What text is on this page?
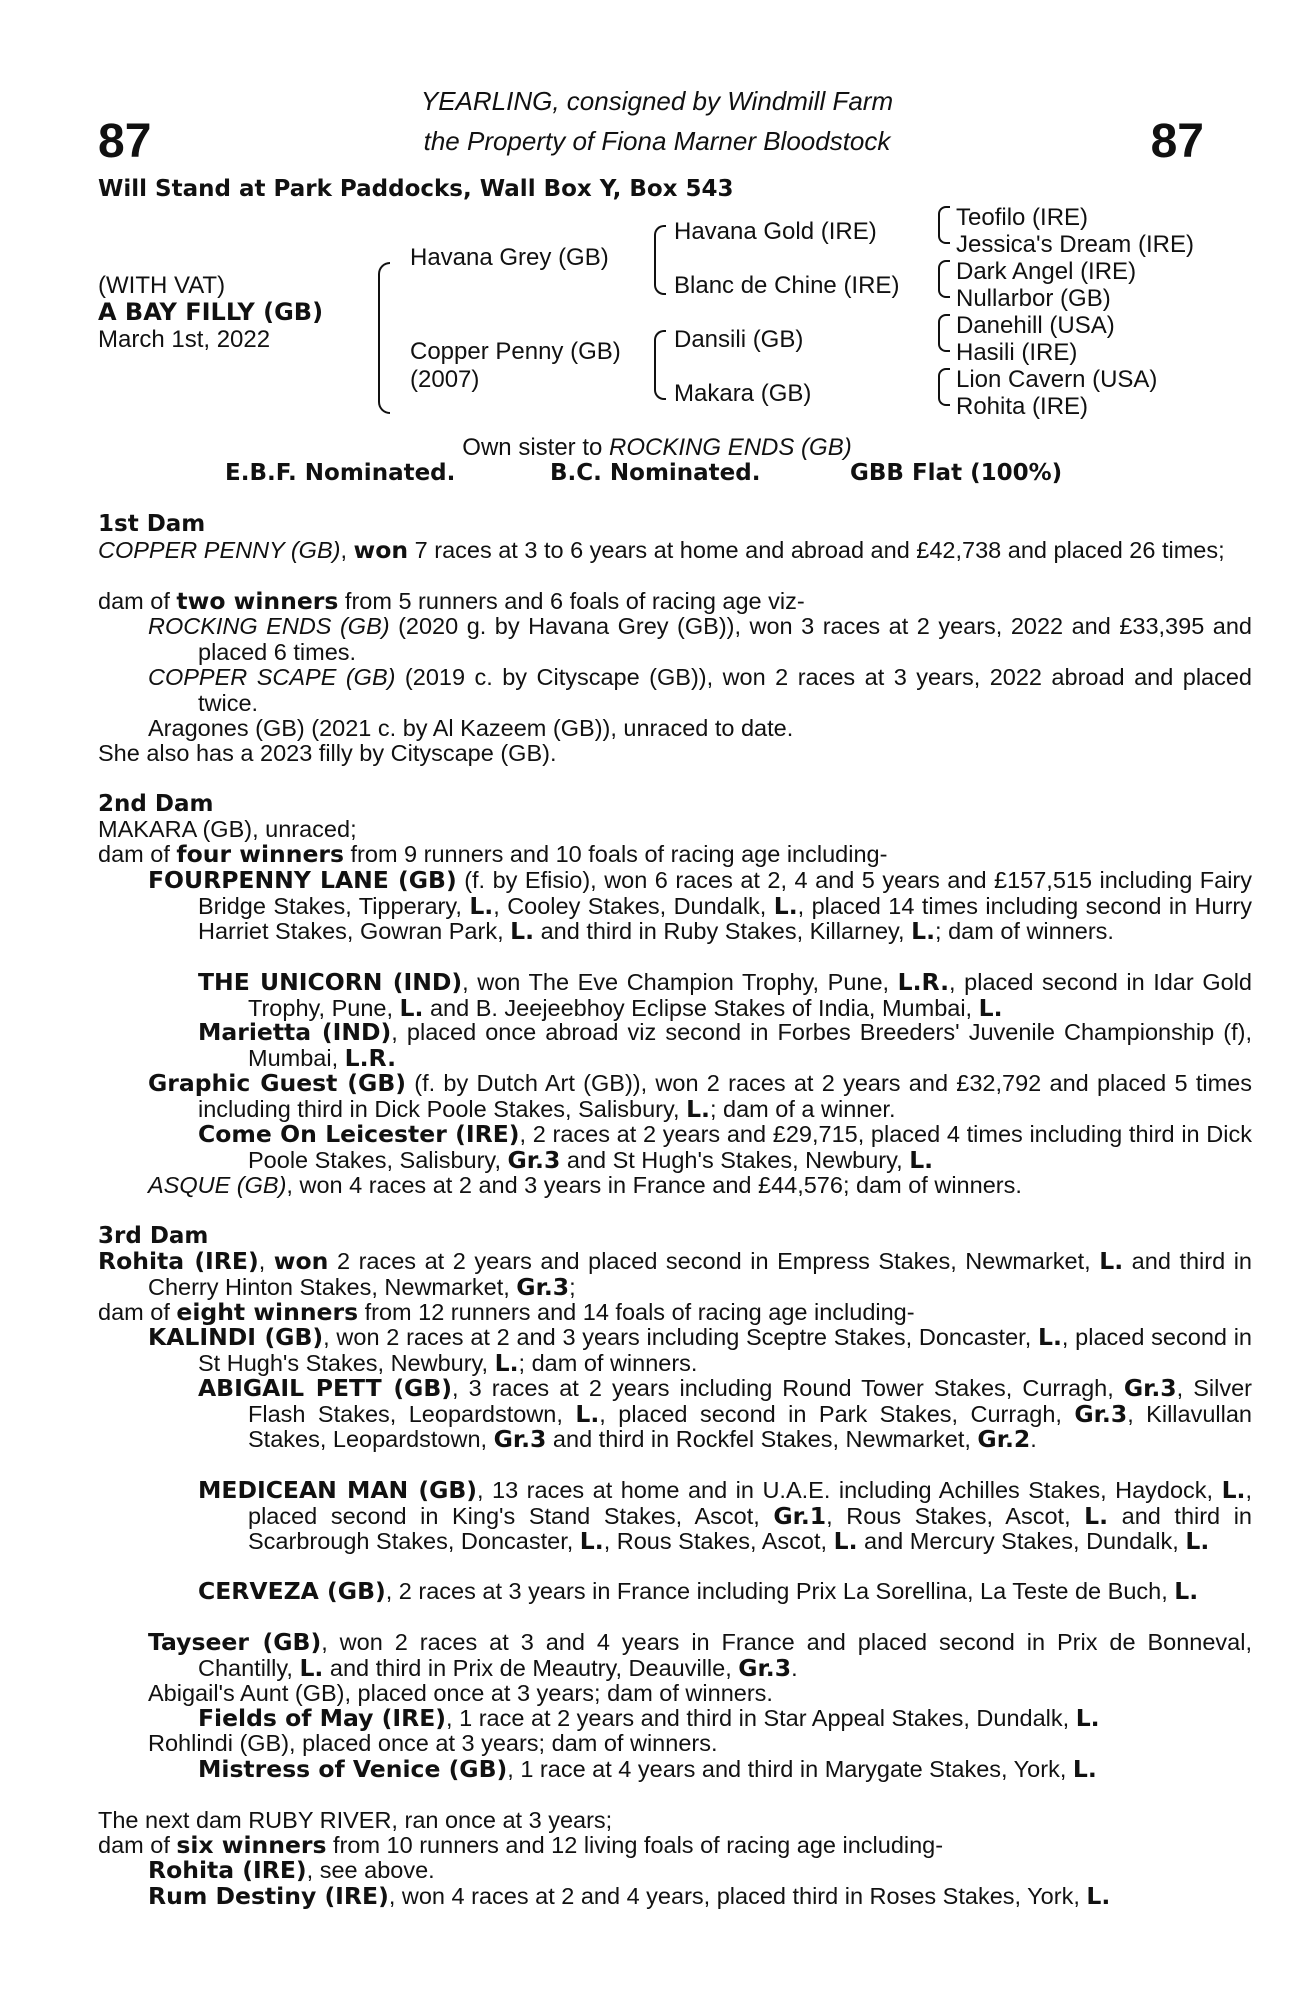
87	87
YEARLING, consigned by Windmill Farm
the Property of Fiona Marner Bloodstock
Will Stand at Park Paddocks, Wall Box Y, Box 543
(WITH VAT)
A BAY FILLY (GB)
March 1st, 2022
Havana Grey (GB)
Copper Penny (GB)
(2007)
Havana Gold (IRE)
Blanc de Chine (IRE)
Dansili (GB)
Makara (GB)
Teofilo (IRE)
Jessica's Dream (IRE)
Dark Angel (IRE)
Nullarbor (GB)
Danehill (USA)
Hasili (IRE)
Lion Cavern (USA)
Rohita (IRE)
Own sister to ROCKING ENDS (GB)
E.B.F. Nominated.	B.C. Nominated.	GBB Flat (100%)
1st Dam
COPPER PENNY (GB), won 7 races at 3 to 6 years at home and abroad and £42,738 and placed 26 times;
dam of two winners from 5 runners and 6 foals of racing age viz-
ROCKING ENDS (GB) (2020 g. by Havana Grey (GB)), won 3 races at 2 years, 2022 and £33,395 and placed 6 times.
COPPER SCAPE (GB) (2019 c. by Cityscape (GB)), won 2 races at 3 years, 2022 abroad and placed twice.
Aragones (GB) (2021 c. by Al Kazeem (GB)), unraced to date.
She also has a 2023 filly by Cityscape (GB).
2nd Dam
MAKARA (GB), unraced;
dam of four winners from 9 runners and 10 foals of racing age including-
FOURPENNY LANE (GB) (f. by Efisio), won 6 races at 2, 4 and 5 years and £157,515 including Fairy Bridge Stakes, Tipperary, L., Cooley Stakes, Dundalk, L., placed 14 times including second in Hurry Harriet Stakes, Gowran Park, L. and third in Ruby Stakes, Killarney, L.; dam of winners.
THE UNICORN (IND), won The Eve Champion Trophy, Pune, L.R., placed second in Idar Gold Trophy, Pune, L. and B. Jeejeebhoy Eclipse Stakes of India, Mumbai, L.
Marietta (IND), placed once abroad viz second in Forbes Breeders' Juvenile Championship (f), Mumbai, L.R.
Graphic Guest (GB) (f. by Dutch Art (GB)), won 2 races at 2 years and £32,792 and placed 5 times including third in Dick Poole Stakes, Salisbury, L.; dam of a winner.
Come On Leicester (IRE), 2 races at 2 years and £29,715, placed 4 times including third in Dick Poole Stakes, Salisbury, Gr.3 and St Hugh's Stakes, Newbury, L.
ASQUE (GB), won 4 races at 2 and 3 years in France and £44,576; dam of winners.
3rd Dam
Rohita (IRE), won 2 races at 2 years and placed second in Empress Stakes, Newmarket, L. and third in Cherry Hinton Stakes, Newmarket, Gr.3;
dam of eight winners from 12 runners and 14 foals of racing age including-
KALINDI (GB), won 2 races at 2 and 3 years including Sceptre Stakes, Doncaster, L., placed second in St Hugh's Stakes, Newbury, L.; dam of winners.
ABIGAIL PETT (GB), 3 races at 2 years including Round Tower Stakes, Curragh, Gr.3, Silver Flash Stakes, Leopardstown, L., placed second in Park Stakes, Curragh, Gr.3, Killavullan Stakes, Leopardstown, Gr.3 and third in Rockfel Stakes, Newmarket, Gr.2.
MEDICEAN MAN (GB), 13 races at home and in U.A.E. including Achilles Stakes, Haydock, L., placed second in King's Stand Stakes, Ascot, Gr.1, Rous Stakes, Ascot, L. and third in Scarbrough Stakes, Doncaster, L., Rous Stakes, Ascot, L. and Mercury Stakes, Dundalk, L.
CERVEZA (GB), 2 races at 3 years in France including Prix La Sorellina, La Teste de Buch, L.
Tayseer (GB), won 2 races at 3 and 4 years in France and placed second in Prix de Bonneval, Chantilly, L. and third in Prix de Meautry, Deauville, Gr.3.
Abigail's Aunt (GB), placed once at 3 years; dam of winners.
Fields of May (IRE), 1 race at 2 years and third in Star Appeal Stakes, Dundalk, L.
Rohlindi (GB), placed once at 3 years; dam of winners.
Mistress of Venice (GB), 1 race at 4 years and third in Marygate Stakes, York, L.
The next dam RUBY RIVER, ran once at 3 years;
dam of six winners from 10 runners and 12 living foals of racing age including-
Rohita (IRE), see above.
Rum Destiny (IRE), won 4 races at 2 and 4 years, placed third in Roses Stakes, York, L.
